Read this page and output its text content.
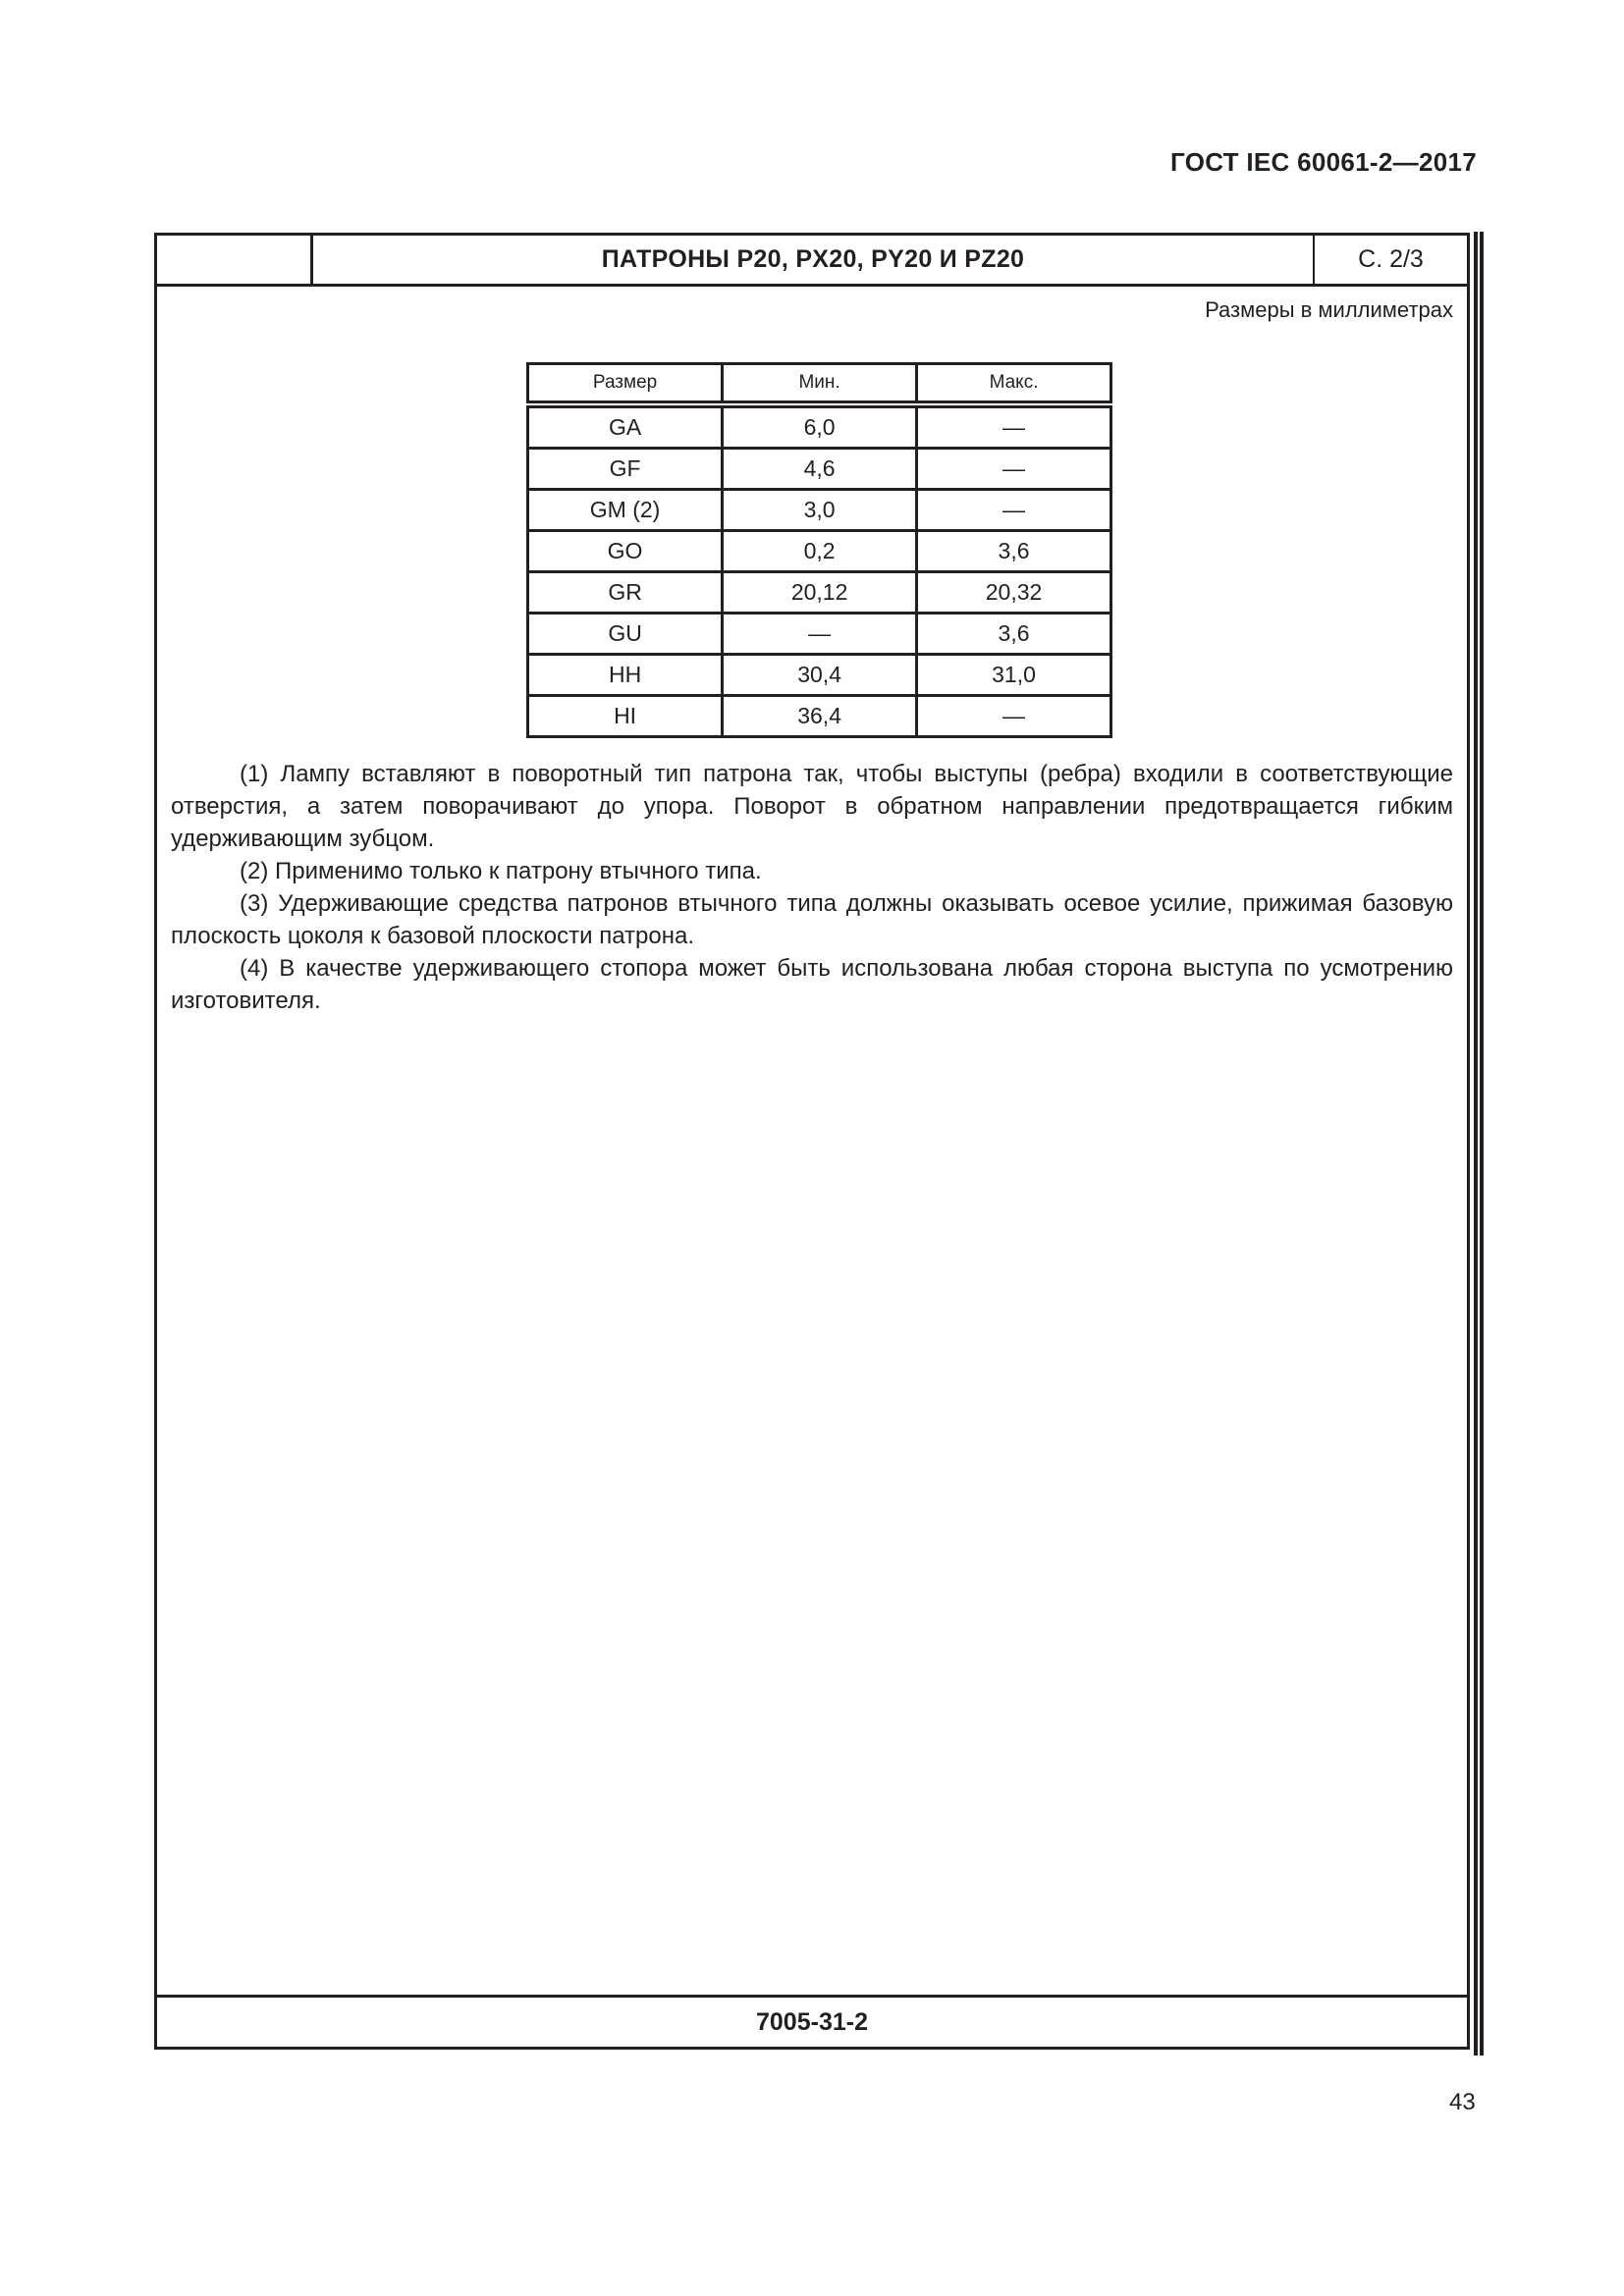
ГОСТ IEC 60061-2—2017
ПАТРОНЫ P20, PX20, PY20 И PZ20	С. 2/3
Размеры в миллиметрах
Размер	Мин.	Макс.
GA	6,0	—
GF	4,6	—
GM (2)	3,0	—
GO	0,2	3,6
GR	20,12	20,32
GU	—	3,6
HH	30,4	31,0
HI	36,4	—

(1) Лампу вставляют в поворотный тип патрона так, чтобы выступы (ребра) входили в соответствующие отверстия, а затем поворачивают до упора. Поворот в обратном направлении предотвращается гибким удерживающим зубцом.

(2) Применимо только к патрону втычного типа.

(3) Удерживающие средства патронов втычного типа должны оказывать осевое усилие, прижимая базовую плоскость цоколя к базовой плоскости патрона.

(4) В качестве удерживающего стопора может быть использована любая сторона выступа по усмотрению изготовителя.

7005-31-2
43
